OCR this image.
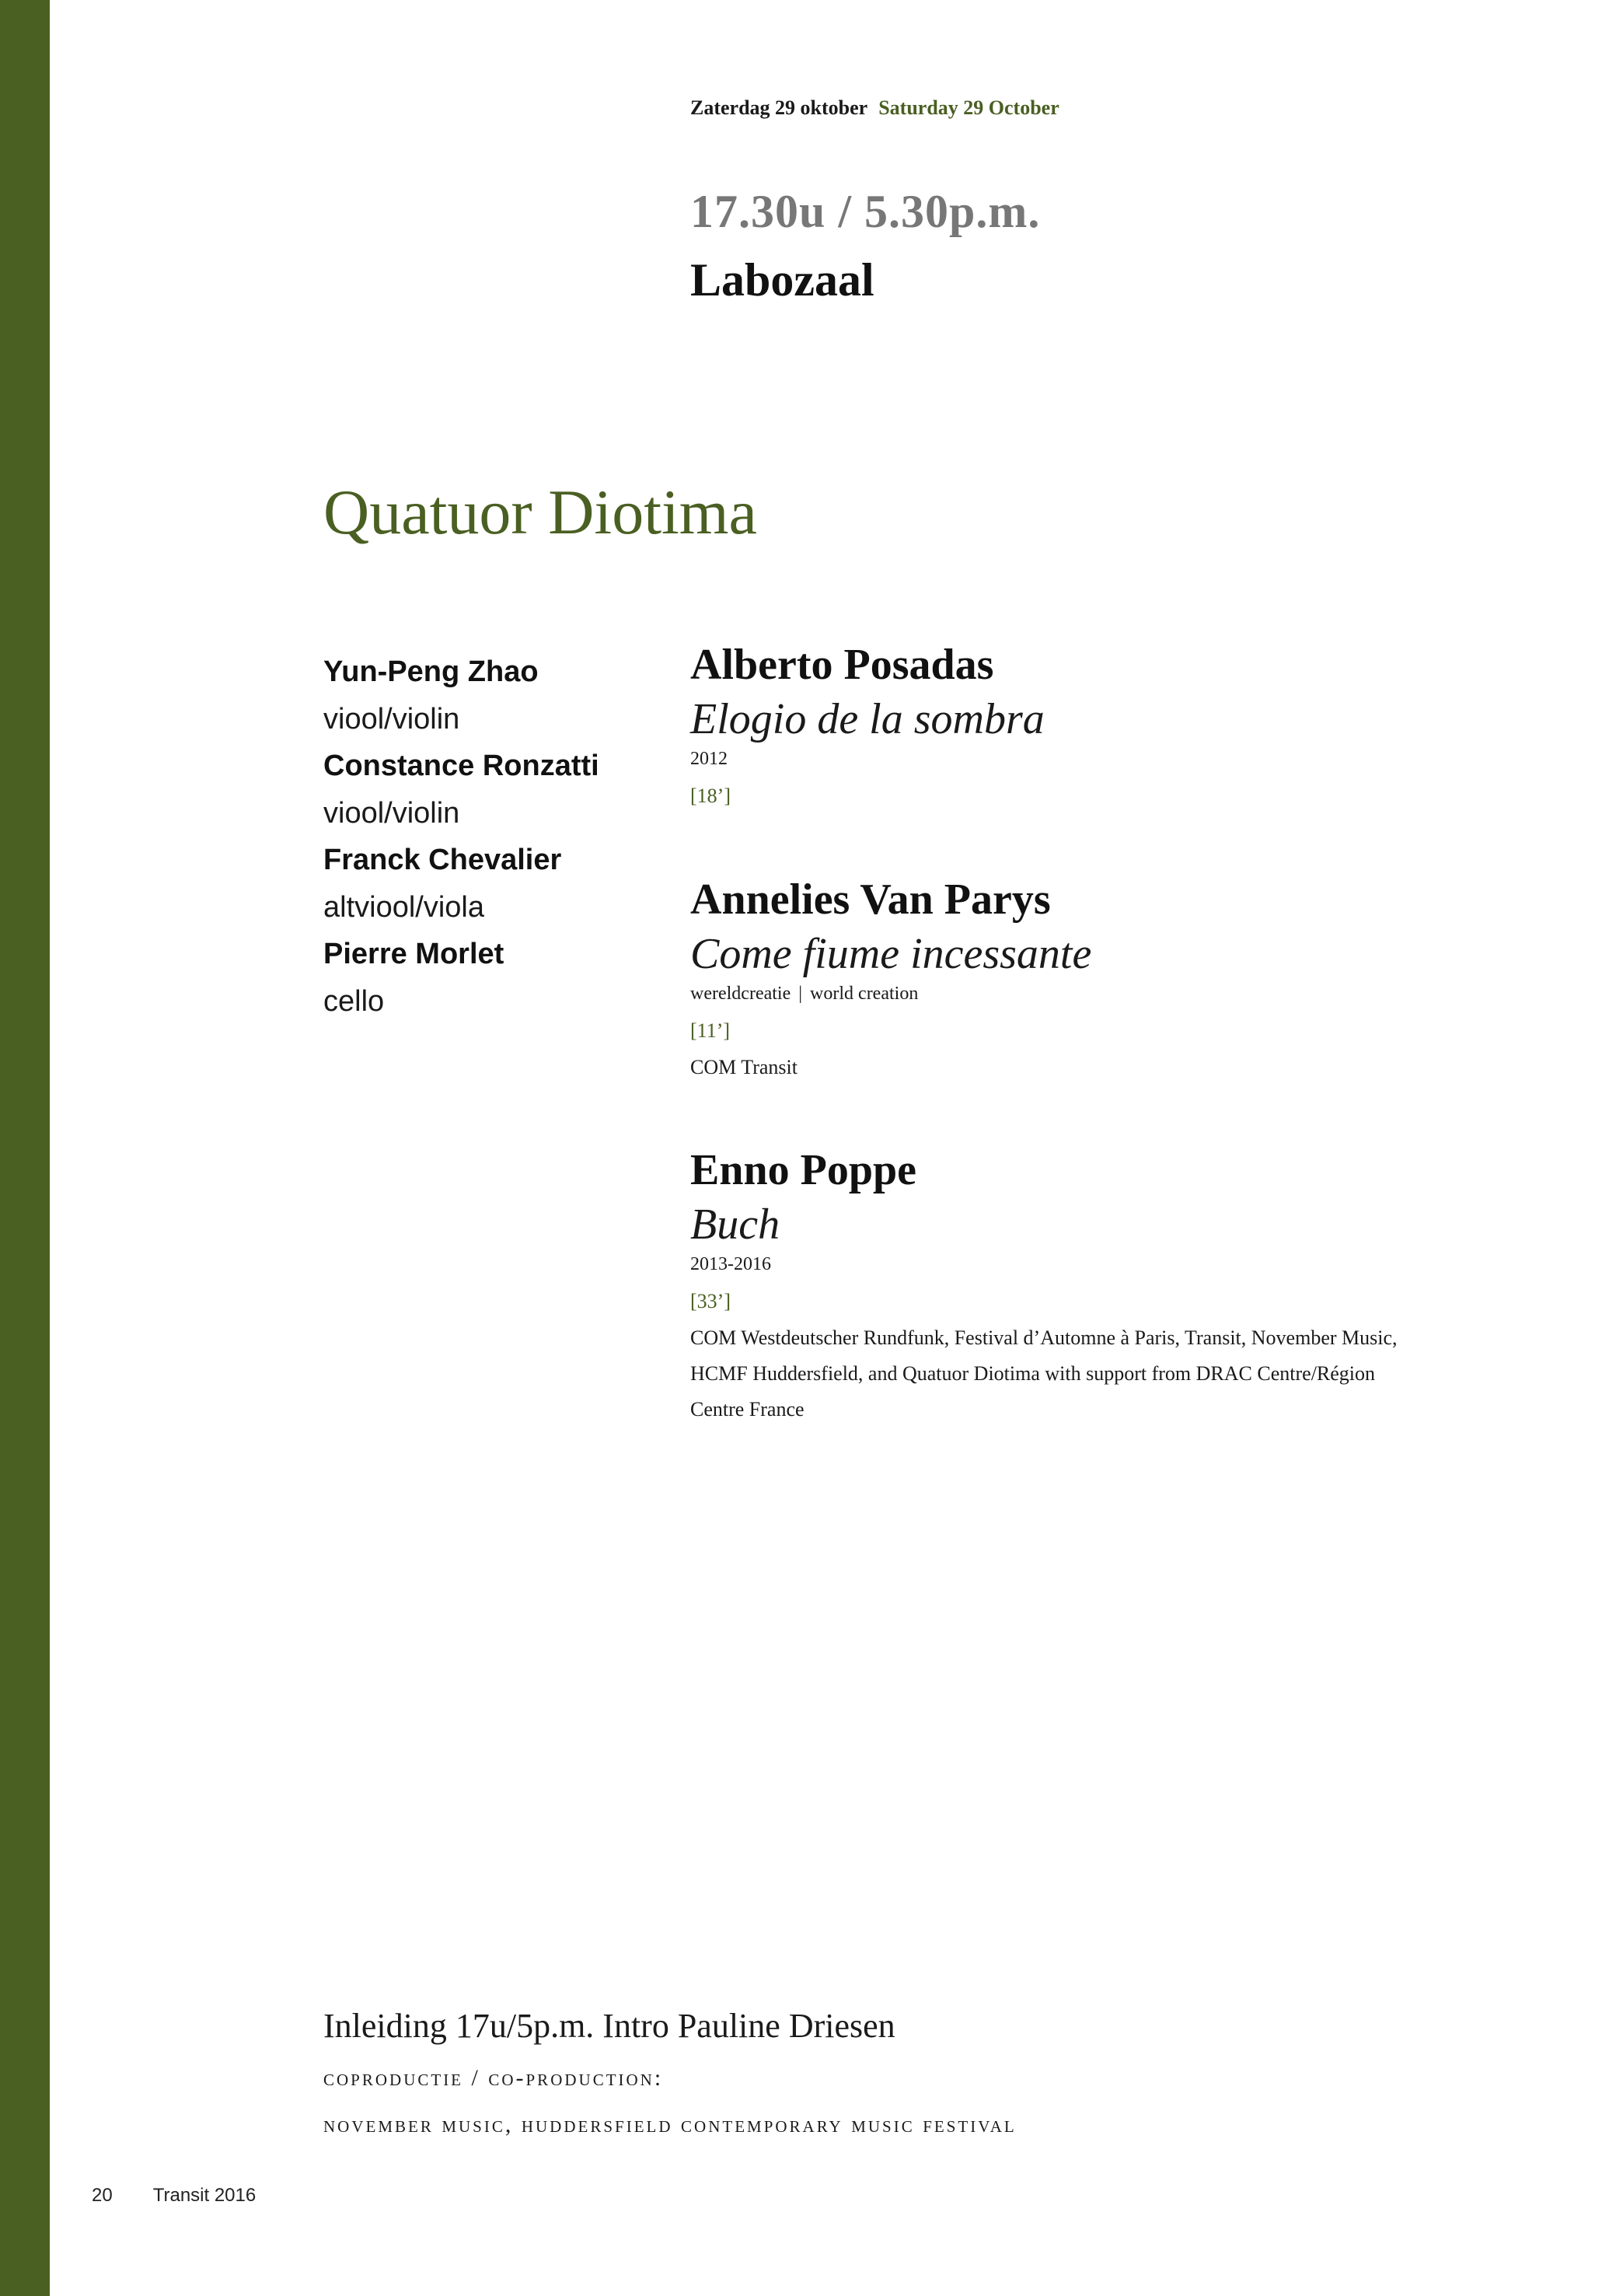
Zaterdag 29 oktober Saturday 29 October
17.30u / 5.30p.m.
Labozaal
Quatuor Diotima
Yun-Peng Zhao
viool/violin
Constance Ronzatti
viool/violin
Franck Chevalier
altviool/viola
Pierre Morlet
cello
Alberto Posadas
Elogio de la sombra
2012
[18’]
Annelies Van Parys
Come fiume incessante
wereldcreatie | world creation
[11’]
COM Transit
Enno Poppe
Buch
2013-2016
[33’]
COM Westdeutscher Rundfunk, Festival d’Automne à Paris, Transit, November Music,
HCMF Huddersfield, and Quatuor Diotima with support from DRAC Centre/Région
Centre France
Inleiding 17u/5p.m. Intro Pauline Driesen
coproductie / co-production:
november music, huddersfield contemporary music festival
20 Transit 2016
